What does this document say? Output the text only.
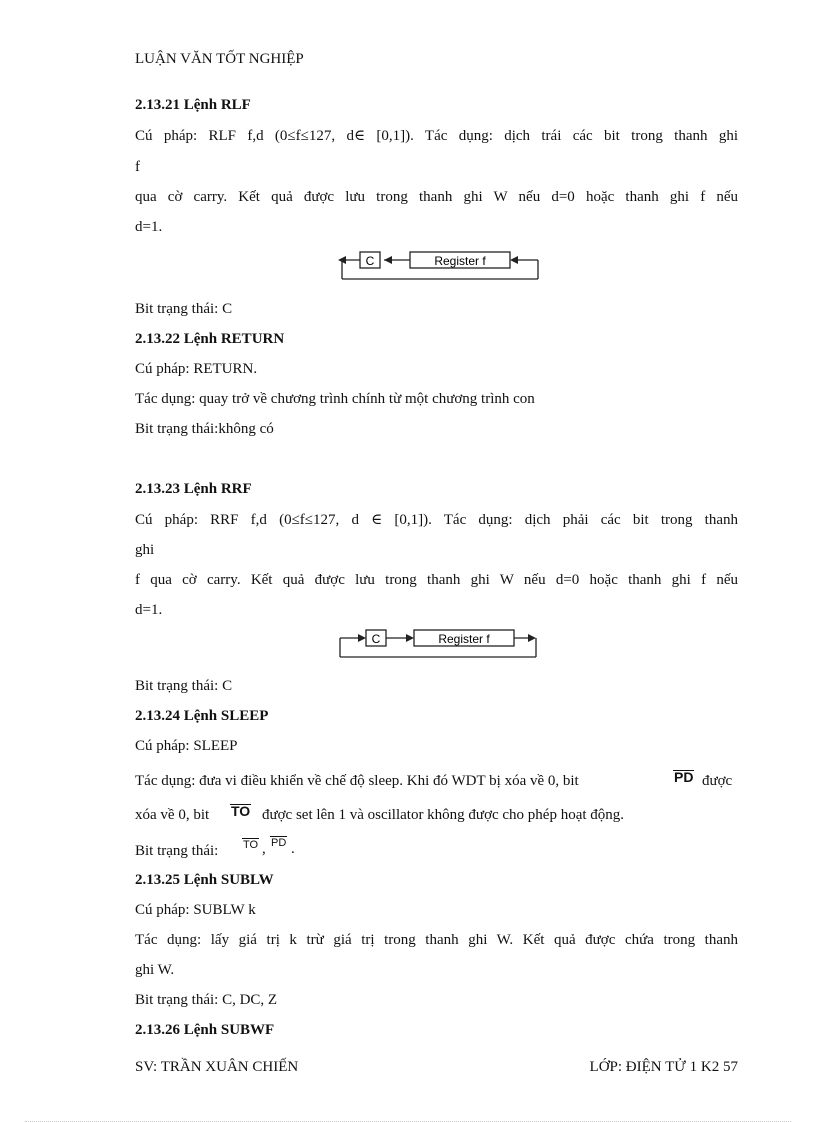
LUẬN VĂN TỐT NGHIỆP
2.13.21 Lệnh RLF
Cú pháp: RLF f,d (0≤f≤127, d∈ [0,1]). Tác dụng: dịch trái các bit trong thanh ghi
f
qua cờ carry. Kết quả được lưu trong thanh ghi W nếu d=0 hoặc thanh ghi f nếu
d=1.
C	Register f
Bit trạng thái: C
2.13.22 Lệnh RETURN
Cú pháp: RETURN.
Tác dụng: quay trở về chương trình chính từ một chương trình con
Bit trạng thái:không có
2.13.23 Lệnh RRF
Cú pháp: RRF f,d (0≤f≤127, d ∈ [0,1]). Tác dụng: dịch phải các bit trong thanh
ghi
f qua cờ carry. Kết quả được lưu trong thanh ghi W nếu d=0 hoặc thanh ghi f nếu
d=1.
C	Register f
Bit trạng thái: C
2.13.24 Lệnh SLEEP
Cú pháp: SLEEP
Tác dụng: đưa vi điều khiển về chế độ sleep. Khi đó WDT bị xóa về 0, bit	PD được
xóa về 0, bit TO được set lên 1 và oscillator không được cho phép hoạt động.
Bit trạng thái: TO , PD .
2.13.25 Lệnh SUBLW
Cú pháp: SUBLW k
Tác dụng: lấy giá trị k trừ giá trị trong thanh ghi W. Kết quả được chứa trong thanh
ghi W.
Bit trạng thái: C, DC, Z
2.13.26 Lệnh SUBWF
SV: TRẦN XUÂN CHIẾN	LỚP: ĐIỆN TỬ 1 K2 57
